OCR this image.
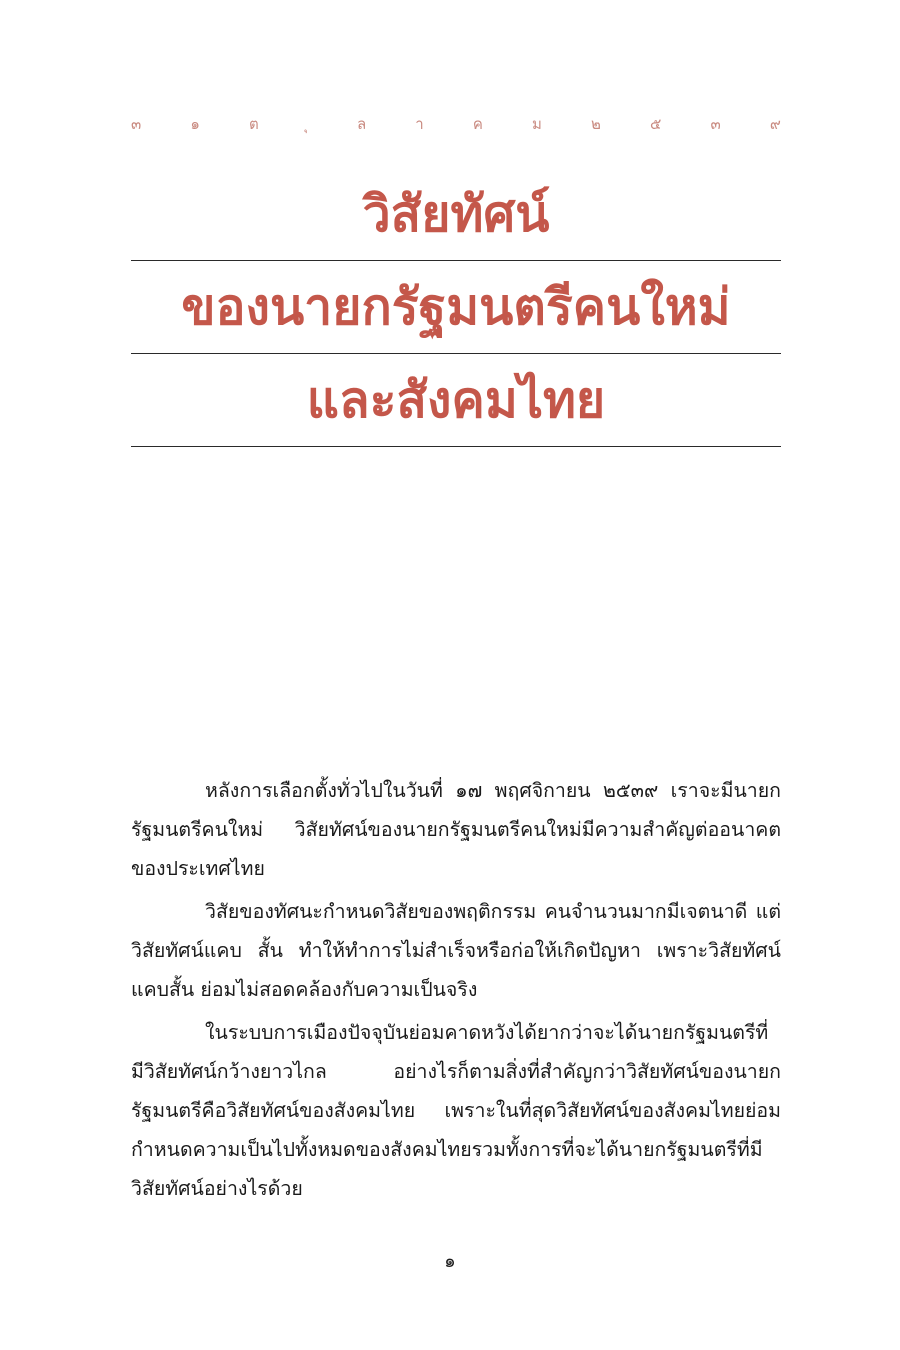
๓	๑	ต	ล	า	ค	ม	๒	๕	๓	๙
วิสัยทัศน์
ของนายกรัฐมนตรีคนใหม่
และสังคมไทย

หลังการเลือกตั้งทั่วไปในวันที่ ๑๗ พฤศจิกายน ๒๕๓๙ เราจะมีนายกรัฐมนตรีคนใหม่ วิสัยทัศน์ของนายกรัฐมนตรีคนใหม่มีความสำคัญต่ออนาคตของประเทศไทย

วิสัยของทัศนะกำหนดวิสัยของพฤติกรรม คนจำนวนมากมีเจตนาดี แต่วิสัยทัศน์แคบ สั้น ทำให้ทำการไม่สำเร็จหรือก่อให้เกิดปัญหา เพราะวิสัยทัศน์แคบสั้น ย่อมไม่สอดคล้องกับความเป็นจริง

ในระบบการเมืองปัจจุบันย่อมคาดหวังได้ยากว่าจะได้นายกรัฐมนตรีที่มีวิสัยทัศน์กว้างยาวไกล อย่างไรก็ตามสิ่งที่สำคัญกว่าวิสัยทัศน์ของนายกรัฐมนตรีคือวิสัยทัศน์ของสังคมไทย เพราะในที่สุดวิสัยทัศน์ของสังคมไทยย่อมกำหนดความเป็นไปทั้งหมดของสังคมไทยรวมทั้งการที่จะได้นายกรัฐมนตรีที่มีวิสัยทัศน์อย่างไรด้วย

๑
